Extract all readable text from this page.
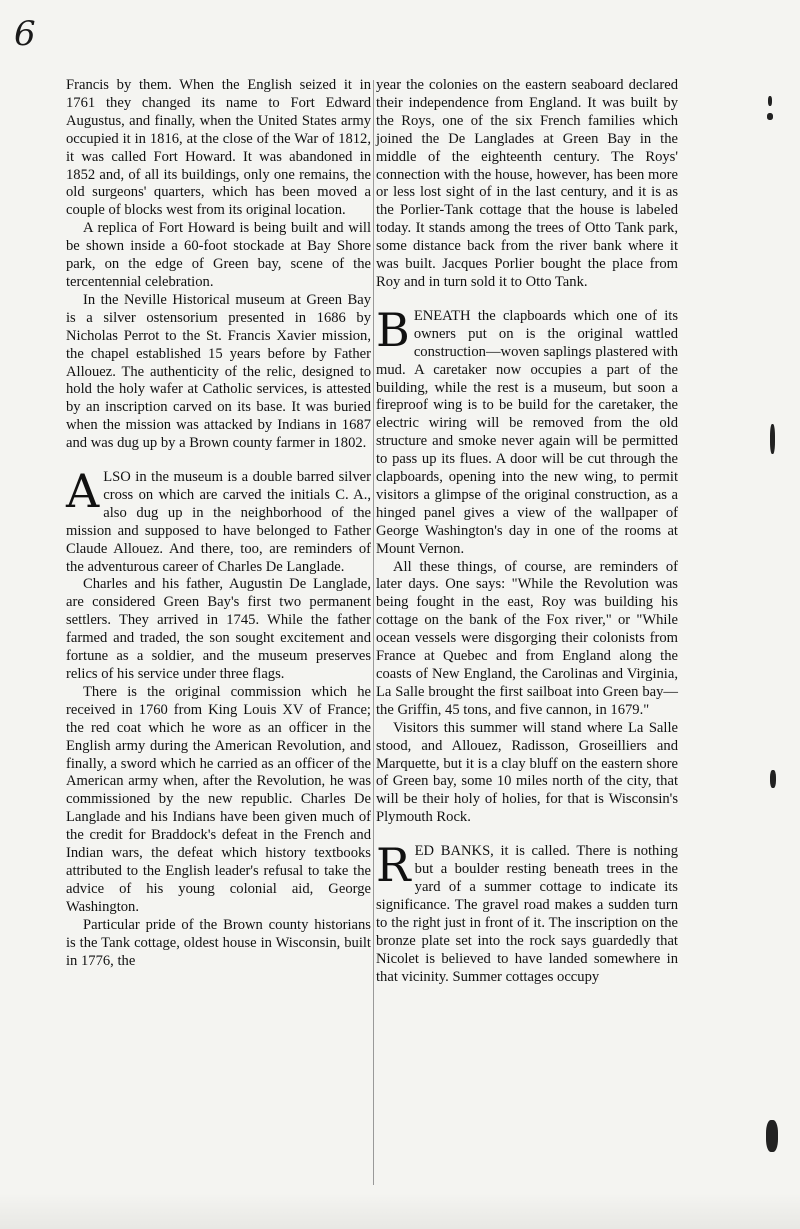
6

Francis by them. When the English seized it in 1761 they changed its name to Fort Edward Augustus, and finally, when the United States army occupied it in 1816, at the close of the War of 1812, it was called Fort Howard. It was abandoned in 1852 and, of all its buildings, only one remains, the old surgeons' quarters, which has been moved a couple of blocks west from its original location.

A replica of Fort Howard is being built and will be shown inside a 60-foot stockade at Bay Shore park, on the edge of Green bay, scene of the tercentennial celebration.

In the Neville Historical museum at Green Bay is a silver ostensorium presented in 1686 by Nicholas Perrot to the St. Francis Xavier mission, the chapel established 15 years before by Father Allouez. The authenticity of the relic, designed to hold the holy wafer at Catholic services, is attested by an inscription carved on its base. It was buried when the mission was attacked by Indians in 1687 and was dug up by a Brown county farmer in 1802.

ALSO in the museum is a double barred silver cross on which are carved the initials C. A., also dug up in the neighborhood of the mission and supposed to have belonged to Father Claude Allouez. And there, too, are reminders of the adventurous career of Charles De Langlade.

Charles and his father, Augustin De Langlade, are considered Green Bay's first two permanent settlers. They arrived in 1745. While the father farmed and traded, the son sought excitement and fortune as a soldier, and the museum preserves relics of his service under three flags.

There is the original commission which he received in 1760 from King Louis XV of France; the red coat which he wore as an officer in the English army during the American Revolution, and finally, a sword which he carried as an officer of the American army when, after the Revolution, he was commissioned by the new republic. Charles De Langlade and his Indians have been given much of the credit for Braddock's defeat in the French and Indian wars, the defeat which history textbooks attributed to the English leader's refusal to take the advice of his young colonial aid, George Washington.

Particular pride of the Brown county historians is the Tank cottage, oldest house in Wisconsin, built in 1776, the

year the colonies on the eastern seaboard declared their independence from England. It was built by the Roys, one of the six French families which joined the De Langlades at Green Bay in the middle of the eighteenth century. The Roys' connection with the house, however, has been more or less lost sight of in the last century, and it is as the Porlier-Tank cottage that the house is labeled today. It stands among the trees of Otto Tank park, some distance back from the river bank where it was built. Jacques Porlier bought the place from Roy and in turn sold it to Otto Tank.

BENEATH the clapboards which one of its owners put on is the original wattled construction—woven saplings plastered with mud. A caretaker now occupies a part of the building, while the rest is a museum, but soon a fireproof wing is to be build for the caretaker, the electric wiring will be removed from the old structure and smoke never again will be permitted to pass up its flues. A door will be cut through the clapboards, opening into the new wing, to permit visitors a glimpse of the original construction, as a hinged panel gives a view of the wallpaper of George Washington's day in one of the rooms at Mount Vernon.

All these things, of course, are reminders of later days. One says: "While the Revolution was being fought in the east, Roy was building his cottage on the bank of the Fox river," or "While ocean vessels were disgorging their colonists from France at Quebec and from England along the coasts of New England, the Carolinas and Virginia, La Salle brought the first sailboat into Green bay—the Griffin, 45 tons, and five cannon, in 1679."

Visitors this summer will stand where La Salle stood, and Allouez, Radisson, Groseilliers and Marquette, but it is a clay bluff on the eastern shore of Green bay, some 10 miles north of the city, that will be their holy of holies, for that is Wisconsin's Plymouth Rock.

RED BANKS, it is called. There is nothing but a boulder resting beneath trees in the yard of a summer cottage to indicate its significance. The gravel road makes a sudden turn to the right just in front of it. The inscription on the bronze plate set into the rock says guardedly that Nicolet is believed to have landed somewhere in that vicinity. Summer cottages occupy
